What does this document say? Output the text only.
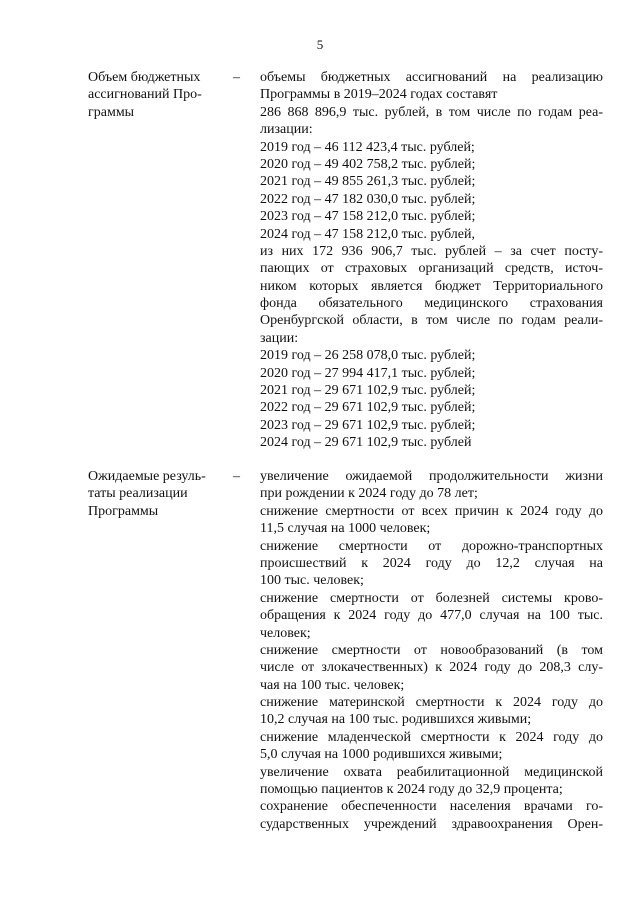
5
Объем бюджетных
ассигнований Про-
граммы
– объемы бюджетных ассигнований на реализацию
Программы в 2019–2024 годах составят
286 868 896,9 тыс. рублей, в том числе по годам реа-
лизации:
2019 год – 46 112 423,4 тыс. рублей;
2020 год – 49 402 758,2 тыс. рублей;
2021 год – 49 855 261,3 тыс. рублей;
2022 год – 47 182 030,0 тыс. рублей;
2023 год – 47 158 212,0 тыс. рублей;
2024 год – 47 158 212,0 тыс. рублей,
из них 172 936 906,7 тыс. рублей – за счет посту-
пающих от страховых организаций средств, источ-
ником которых является бюджет Территориального
фонда обязательного медицинского страхования
Оренбургской области, в том числе по годам реали-
зации:
2019 год – 26 258 078,0 тыс. рублей;
2020 год – 27 994 417,1 тыс. рублей;
2021 год – 29 671 102,9 тыс. рублей;
2022 год – 29 671 102,9 тыс. рублей;
2023 год – 29 671 102,9 тыс. рублей;
2024 год – 29 671 102,9 тыс. рублей
Ожидаемые резуль-
таты реализации
Программы
– увеличение ожидаемой продолжительности жизни
при рождении к 2024 году до 78 лет;
снижение смертности от всех причин к 2024 году до
11,5 случая на 1000 человек;
снижение смертности от дорожно-транспортных
происшествий к 2024 году до 12,2 случая на
100 тыс. человек;
снижение смертности от болезней системы крово-
обращения к 2024 году до 477,0 случая на 100 тыс.
человек;
снижение смертности от новообразований (в том
числе от злокачественных) к 2024 году до 208,3 слу-
чая на 100 тыс. человек;
снижение материнской смертности к 2024 году до
10,2 случая на 100 тыс. родившихся живыми;
снижение младенческой смертности к 2024 году до
5,0 случая на 1000 родившихся живыми;
увеличение охвата реабилитационной медицинской
помощью пациентов к 2024 году до 32,9 процента;
сохранение обеспеченности населения врачами го-
сударственных учреждений здравоохранения Орен-
